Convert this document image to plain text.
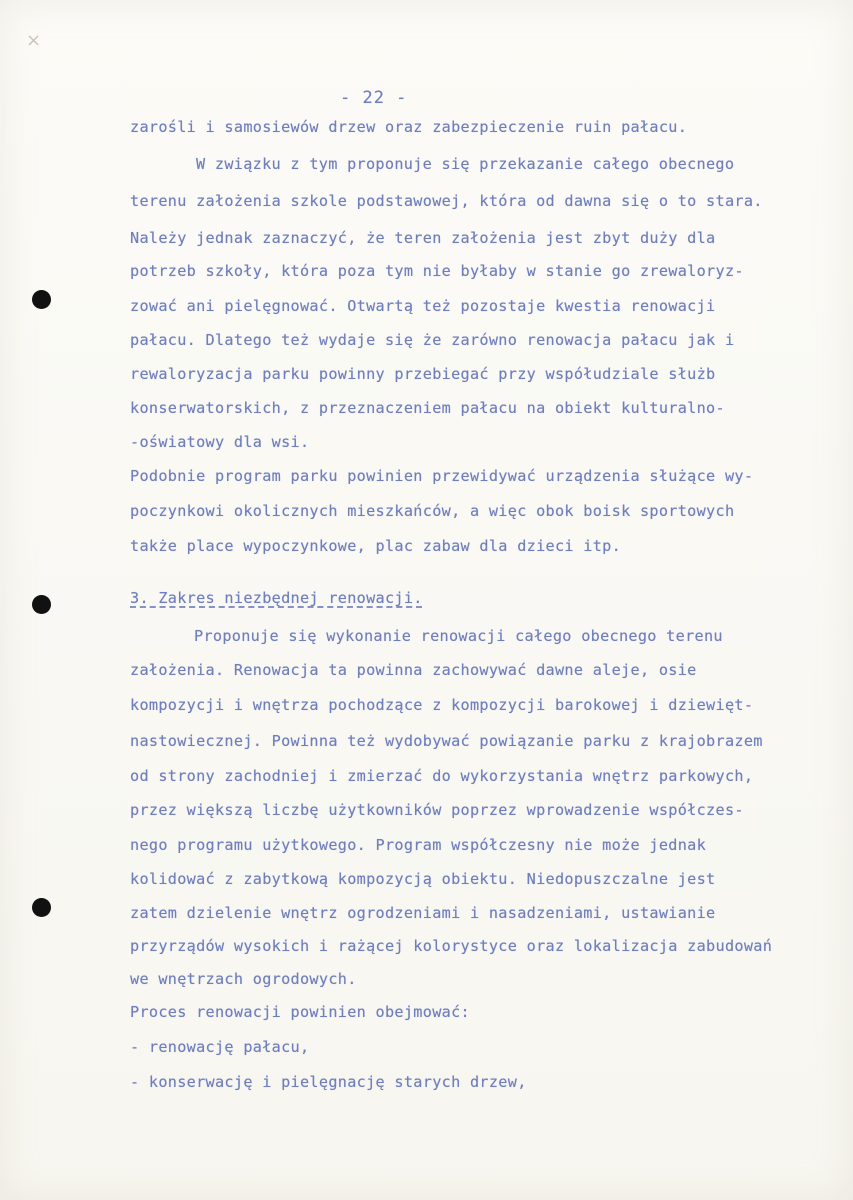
×
- 22 -
zarośli i samosiewów drzew oraz zabezpieczenie ruin pałacu.
W związku z tym proponuje się przekazanie całego obecnego
terenu założenia szkole podstawowej, która od dawna się o to stara.
Należy jednak zaznaczyć, że teren założenia jest zbyt duży dla
potrzeb szkoły, która poza tym nie byłaby w stanie go zrewaloryz-
zować ani pielęgnować. Otwartą też pozostaje kwestia renowacji
pałacu. Dlatego też wydaje się że zarówno renowacja pałacu jak i
rewaloryzacja parku powinny przebiegać przy współudziale służb
konserwatorskich, z przeznaczeniem pałacu na obiekt kulturalno-
-oświatowy dla wsi.
Podobnie program parku powinien przewidywać urządzenia służące wy-
poczynkowi okolicznych mieszkańców, a więc obok boisk sportowych
także place wypoczynkowe, plac zabaw dla dzieci itp.
3. Zakres niezbędnej renowacji.
Proponuje się wykonanie renowacji całego obecnego terenu
założenia. Renowacja ta powinna zachowywać dawne aleje, osie
kompozycji i wnętrza pochodzące z kompozycji barokowej i dziewięt-
nastowiecznej. Powinna też wydobywać powiązanie parku z krajobrazem
od strony zachodniej i zmierzać do wykorzystania wnętrz parkowych,
przez większą liczbę użytkowników poprzez wprowadzenie współczes-
nego programu użytkowego. Program współczesny nie może jednak
kolidować z zabytkową kompozycją obiektu. Niedopuszczalne jest
zatem dzielenie wnętrz ogrodzeniami i nasadzeniami, ustawianie
przyrządów wysokich i rażącej kolorystyce oraz lokalizacja zabudowań
we wnętrzach ogrodowych.
Proces renowacji powinien obejmować:
- renowację pałacu,
- konserwację i pielęgnację starych drzew,
